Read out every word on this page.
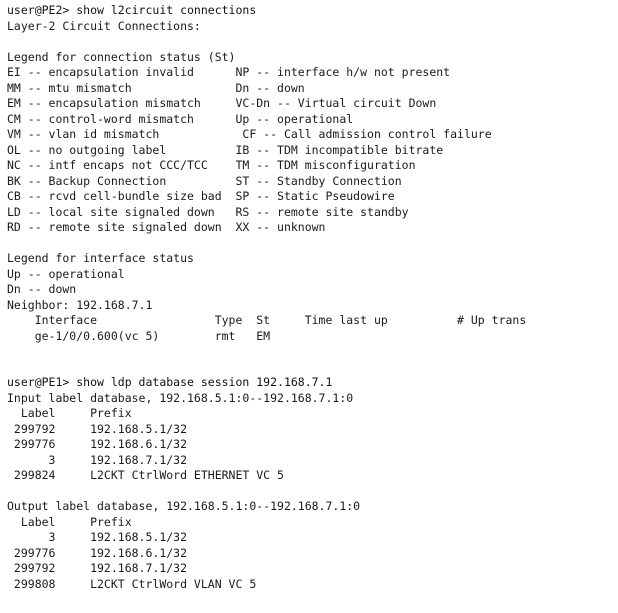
user@PE2> show l2circuit connections
Layer-2 Circuit Connections:
Legend for connection status (St)
EI -- encapsulation invalid      NP -- interface h/w not present
MM -- mtu mismatch               Dn -- down
EM -- encapsulation mismatch     VC-Dn -- Virtual circuit Down
CM -- control-word mismatch      Up -- operational
VM -- vlan id mismatch            CF -- Call admission control failure
OL -- no outgoing label          IB -- TDM incompatible bitrate
NC -- intf encaps not CCC/TCC    TM -- TDM misconfiguration
BK -- Backup Connection          ST -- Standby Connection
CB -- rcvd cell-bundle size bad  SP -- Static Pseudowire
LD -- local site signaled down   RS -- remote site standby
RD -- remote site signaled down  XX -- unknown
Legend for interface status
Up -- operational
Dn -- down
Neighbor: 192.168.7.1
Interface                 Type  St     Time last up          # Up trans
ge-1/0/0.600(vc 5)        rmt   EM
user@PE1> show ldp database session 192.168.7.1
Input label database, 192.168.5.1:0--192.168.7.1:0
Label     Prefix
299792     192.168.5.1/32
299776     192.168.6.1/32
3     192.168.7.1/32
299824     L2CKT CtrlWord ETHERNET VC 5
Output label database, 192.168.5.1:0--192.168.7.1:0
Label     Prefix
3     192.168.5.1/32
299776     192.168.6.1/32
299792     192.168.7.1/32
299808     L2CKT CtrlWord VLAN VC 5
